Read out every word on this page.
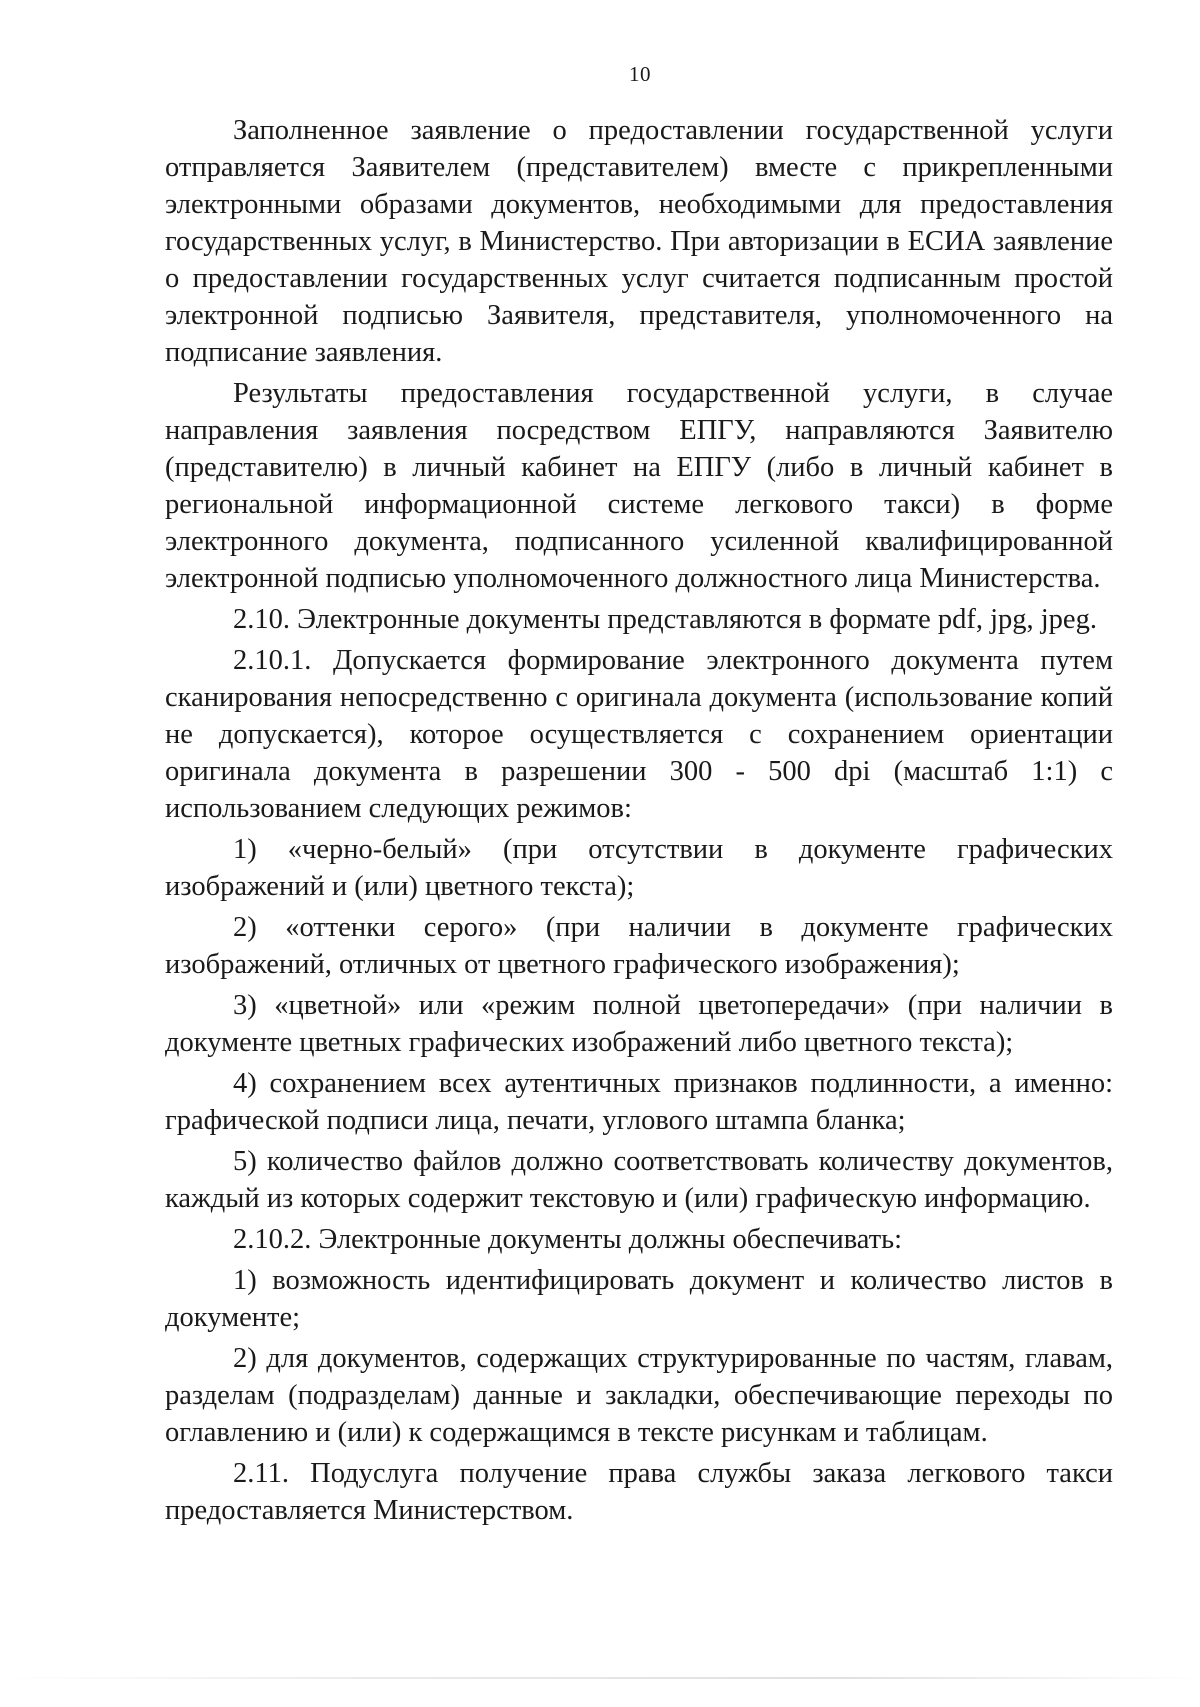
10

Заполненное заявление о предоставлении государственной услуги отправляется Заявителем (представителем) вместе с прикрепленными электронными образами документов, необходимыми для предоставления государственных услуг, в Министерство. При авторизации в ЕСИА заявление о предоставлении государственных услуг считается подписанным простой электронной подписью Заявителя, представителя, уполномоченного на подписание заявления.

Результаты предоставления государственной услуги, в случае направления заявления посредством ЕПГУ, направляются Заявителю (представителю) в личный кабинет на ЕПГУ (либо в личный кабинет в региональной информационной системе легкового такси) в форме электронного документа, подписанного усиленной квалифицированной электронной подписью уполномоченного должностного лица Министерства.

2.10. Электронные документы представляются в формате pdf, jpg, jpeg.

2.10.1. Допускается формирование электронного документа путем сканирования непосредственно с оригинала документа (использование копий не допускается), которое осуществляется с сохранением ориентации оригинала документа в разрешении 300 - 500 dpi (масштаб 1:1) с использованием следующих режимов:

1) «черно-белый» (при отсутствии в документе графических изображений и (или) цветного текста);

2) «оттенки серого» (при наличии в документе графических изображений, отличных от цветного графического изображения);

3) «цветной» или «режим полной цветопередачи» (при наличии в документе цветных графических изображений либо цветного текста);

4) сохранением всех аутентичных признаков подлинности, а именно: графической подписи лица, печати, углового штампа бланка;

5) количество файлов должно соответствовать количеству документов, каждый из которых содержит текстовую и (или) графическую информацию.

2.10.2. Электронные документы должны обеспечивать:

1) возможность идентифицировать документ и количество листов в документе;

2) для документов, содержащих структурированные по частям, главам, разделам (подразделам) данные и закладки, обеспечивающие переходы по оглавлению и (или) к содержащимся в тексте рисункам и таблицам.

2.11. Подуслуга получение права службы заказа легкового такси предоставляется Министерством.
